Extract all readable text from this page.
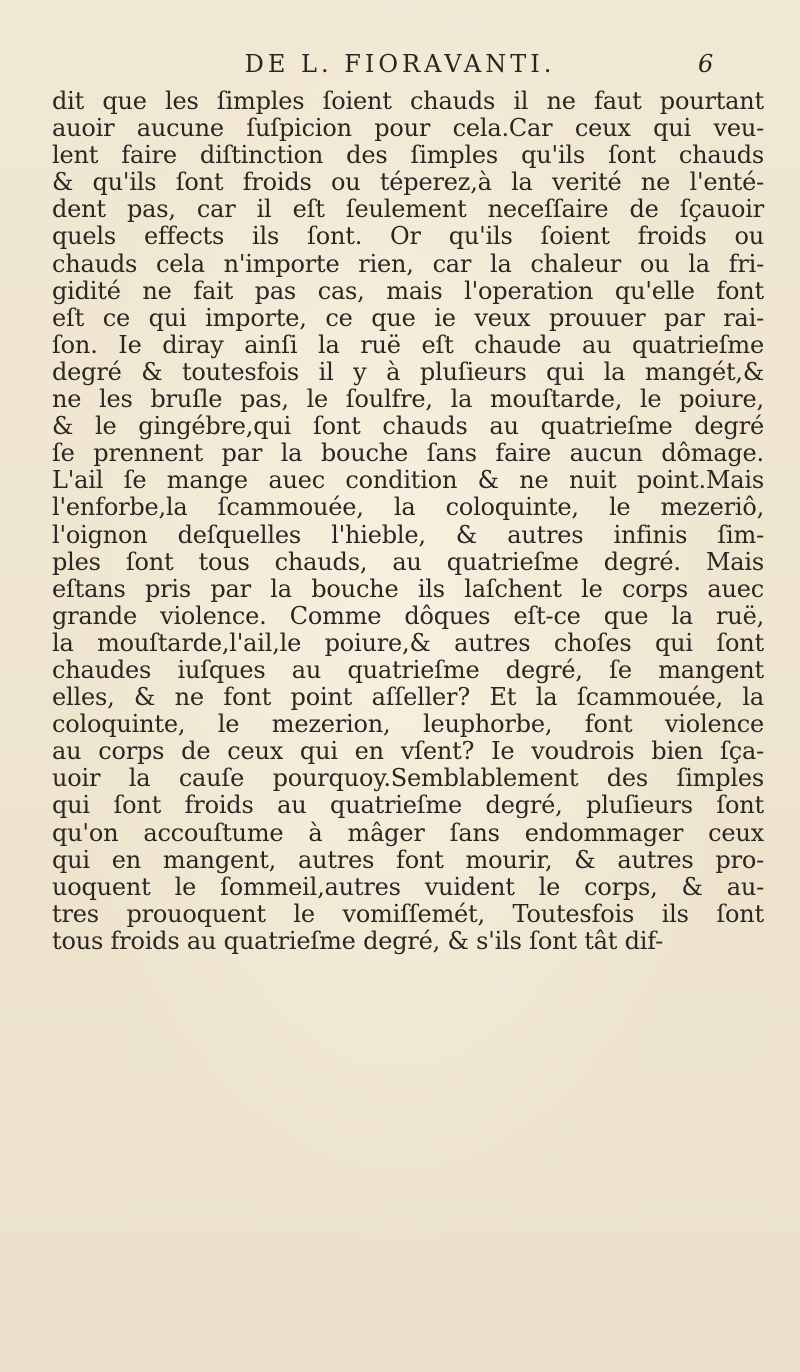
DE L. FIORAVANTI.	6
dit que les ſimples ſoient chauds il ne faut pourtant
auoir aucune ſuſpicion pour cela.Car ceux qui veu-
lent faire diſtinction des ſimples qu'ils ſont chauds
& qu'ils ſont froids ou téperez,à la verité ne l'enté-
dent pas, car il eſt ſeulement neceſſaire de ſçauoir
quels effects ils ſont. Or qu'ils ſoient froids ou
chauds cela n'importe rien, car la chaleur ou la fri-
gidité ne fait pas cas, mais l'operation qu'elle font
eſt ce qui importe, ce que ie veux prouuer par rai-
ſon. Ie diray ainſi la ruë eſt chaude au quatrieſme
degré & toutesfois il y à pluſieurs qui la mangét,&
ne les bruſle pas, le ſoulfre, la mouſtarde, le poiure,
& le gingébre,qui ſont chauds au quatrieſme degré
ſe prennent par la bouche ſans faire aucun dômage.
L'ail ſe mange auec condition & ne nuit point.Mais
l'enforbe,la ſcammouée, la coloquinte, le mezeriô,
l'oignon deſquelles l'hieble, & autres infinis ſim-
ples ſont tous chauds, au quatrieſme degré. Mais
eſtans pris par la bouche ils laſchent le corps auec
grande violence. Comme dôques eſt-ce que la ruë,
la mouſtarde,l'ail,le poiure,& autres choſes qui ſont
chaudes iuſques au quatrieſme degré, ſe mangent
elles, & ne font point aſſeller? Et la ſcammouée, la
coloquinte, le mezerion, leuphorbe, font violence
au corps de ceux qui en vſent? Ie voudrois bien ſça-
uoir la cauſe pourquoy.Semblablement des ſimples
qui ſont froids au quatrieſme degré, pluſieurs ſont
qu'on accouſtume à mâger ſans endommager ceux
qui en mangent, autres font mourir, & autres pro-
uoquent le ſommeil,autres vuident le corps, & au-
tres prouoquent le vomiſſemét, Toutesfois ils ſont
tous froids au quatrieſme degré, & s'ils ſont tât dif-
